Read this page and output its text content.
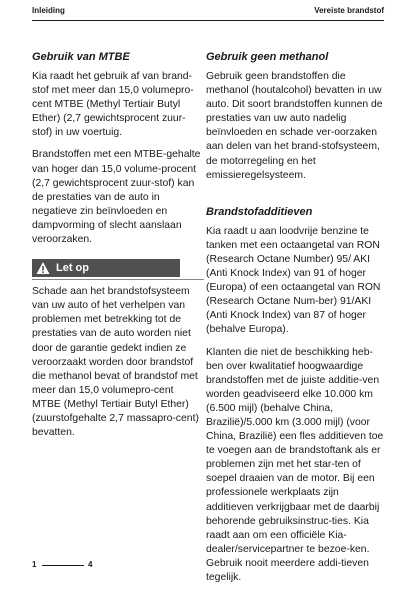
Inleiding	Vereiste brandstof
Gebruik van MTBE

Kia raadt het gebruik af van brand-stof met meer dan 15,0 volumepro-cent MTBE (Methyl Tertiair Butyl Ether) (2,7 gewichtsprocent zuur-stof) in uw voertuig.

Brandstoffen met een MTBE-gehalte van hoger dan 15,0 volume-procent (2,7 gewichtsprocent zuur-stof) kan de prestaties van de auto in negatieve zin beïnvloeden en dampvorming of slecht aanslaan veroorzaken.

Let op

Schade aan het brandstofsysteem van uw auto of het verhelpen van problemen met betrekking tot de prestaties van de auto worden niet door de garantie gedekt indien ze veroorzaakt worden door brandstof die methanol bevat of brandstof met meer dan 15,0 volumepro-cent MTBE (Methyl Tertiair Butyl Ether) (zuurstofgehalte 2,7 massapro-cent) bevatten.

Gebruik geen methanol

Gebruik geen brandstoffen die methanol (houtalcohol) bevatten in uw auto. Dit soort brandstoffen kunnen de prestaties van uw auto nadelig beïnvloeden en schade ver-oorzaken aan delen van het brand-stofsysteem, de motorregeling en het emissieregelsysteem.

Brandstofadditieven

Kia raadt u aan loodvrije benzine te tanken met een octaangetal van RON (Research Octane Number) 95/ AKI (Anti Knock Index) van 91 of hoger (Europa) of een octaangetal van RON (Research Octane Num-ber) 91/AKI (Anti Knock Index) van 87 of hoger (behalve Europa).

Klanten die niet de beschikking heb-ben over kwalitatief hoogwaardige brandstoffen met de juiste additie-ven worden geadviseerd elke 10.000 km (6.500 mijl) (behalve China, Brazilië)/5.000 km (3.000 mijl) (voor China, Brazilië) een fles additieven toe te voegen aan de brandstoftank als er problemen zijn met het star-ten of soepel draaien van de motor. Bij een professionele werkplaats zijn additieven verkrijgbaar met de daarbij behorende gebruiksinstruc-ties. Kia raadt aan om een officiële Kia-dealer/servicepartner te bezoe-ken. Gebruik nooit meerdere addi-tieven tegelijk.

1	4
